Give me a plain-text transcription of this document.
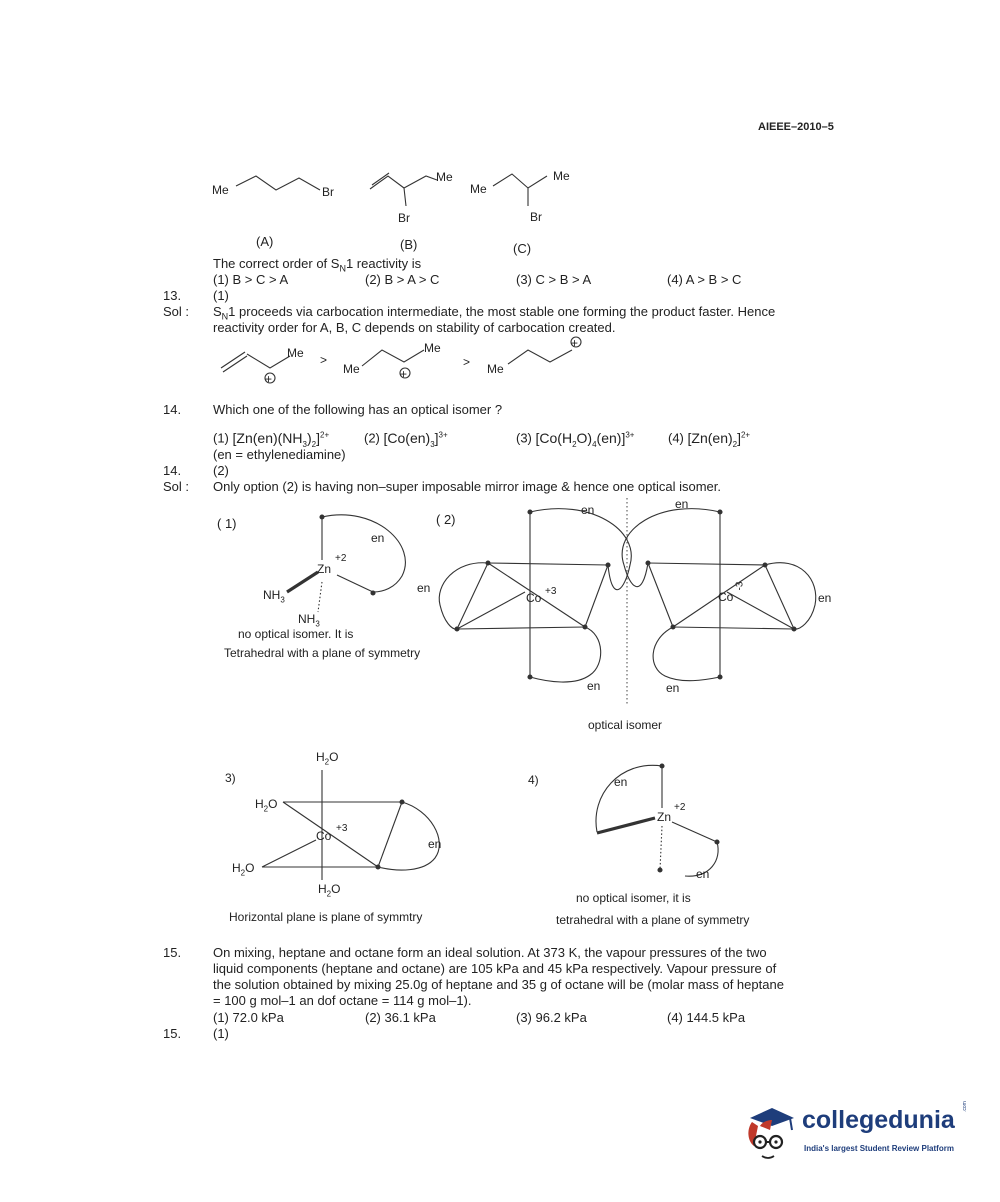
AIEEE–2010–5
Me	Br
Me
Br
Me
Me
Br
(A)	(B)	(C)
The correct order of $S_N1$ reactivity is
(1) B > C > A	(2) B > A > C	(3) C > B > A	(4) A > B > C
13. (1)
Sol : $S_N1$ proceeds via carbocation intermediate, the most stable one forming the product faster. Hence
reactivity order for A, B, C depends on stability of carbocation created.
Me
+
>
Me
Me
+
> Me
+
14. Which one of the following has an optical isomer ?
(1) $[Zn(en)(NH_3)_2]^{2+}$	(2) $[Co(en)_3]^{3+}$	(3) $[Co(H_2O)_4(en)]^{3+}$	(4) $[Zn(en)_2]^{2+}$
(en = ethylenediamine)
14. (2)
Sol : Only option (2) is having non–super imposable mirror image & hence one optical isomer.
( 1)
en
Zn
+2
$NH_3$
$NH_3$
no optical isomer. It is
Tetrahedral with a plane of symmetry
( 2)
en
en
Co +3
en
en
Co
-3
en
en
optical isomer
3)
$H_2O$
$H_2O$
$H_2O$
$H_2O$
Co
+3
en
Horizontal plane is plane of symmtry
4)	en
Zn
+2
en
no optical isomer, it is
tetrahedral with a plane of symmetry
15. On mixing, heptane and octane form an ideal solution. At 373 K, the vapour pressures of the two
liquid components (heptane and octane) are 105 kPa and 45 kPa respectively. Vapour pressure of
the solution obtained by mixing 25.0g of heptane and 35 g of octane will be (molar mass of heptane
= 100 g mol–1 an dof octane = 114 g mol–1).
(1) 72.0 kPa	(2) 36.1 kPa	(3) 96.2 kPa	(4) 144.5 kPa
15. (1)
collegedunia .com
India's largest Student Review Platform
